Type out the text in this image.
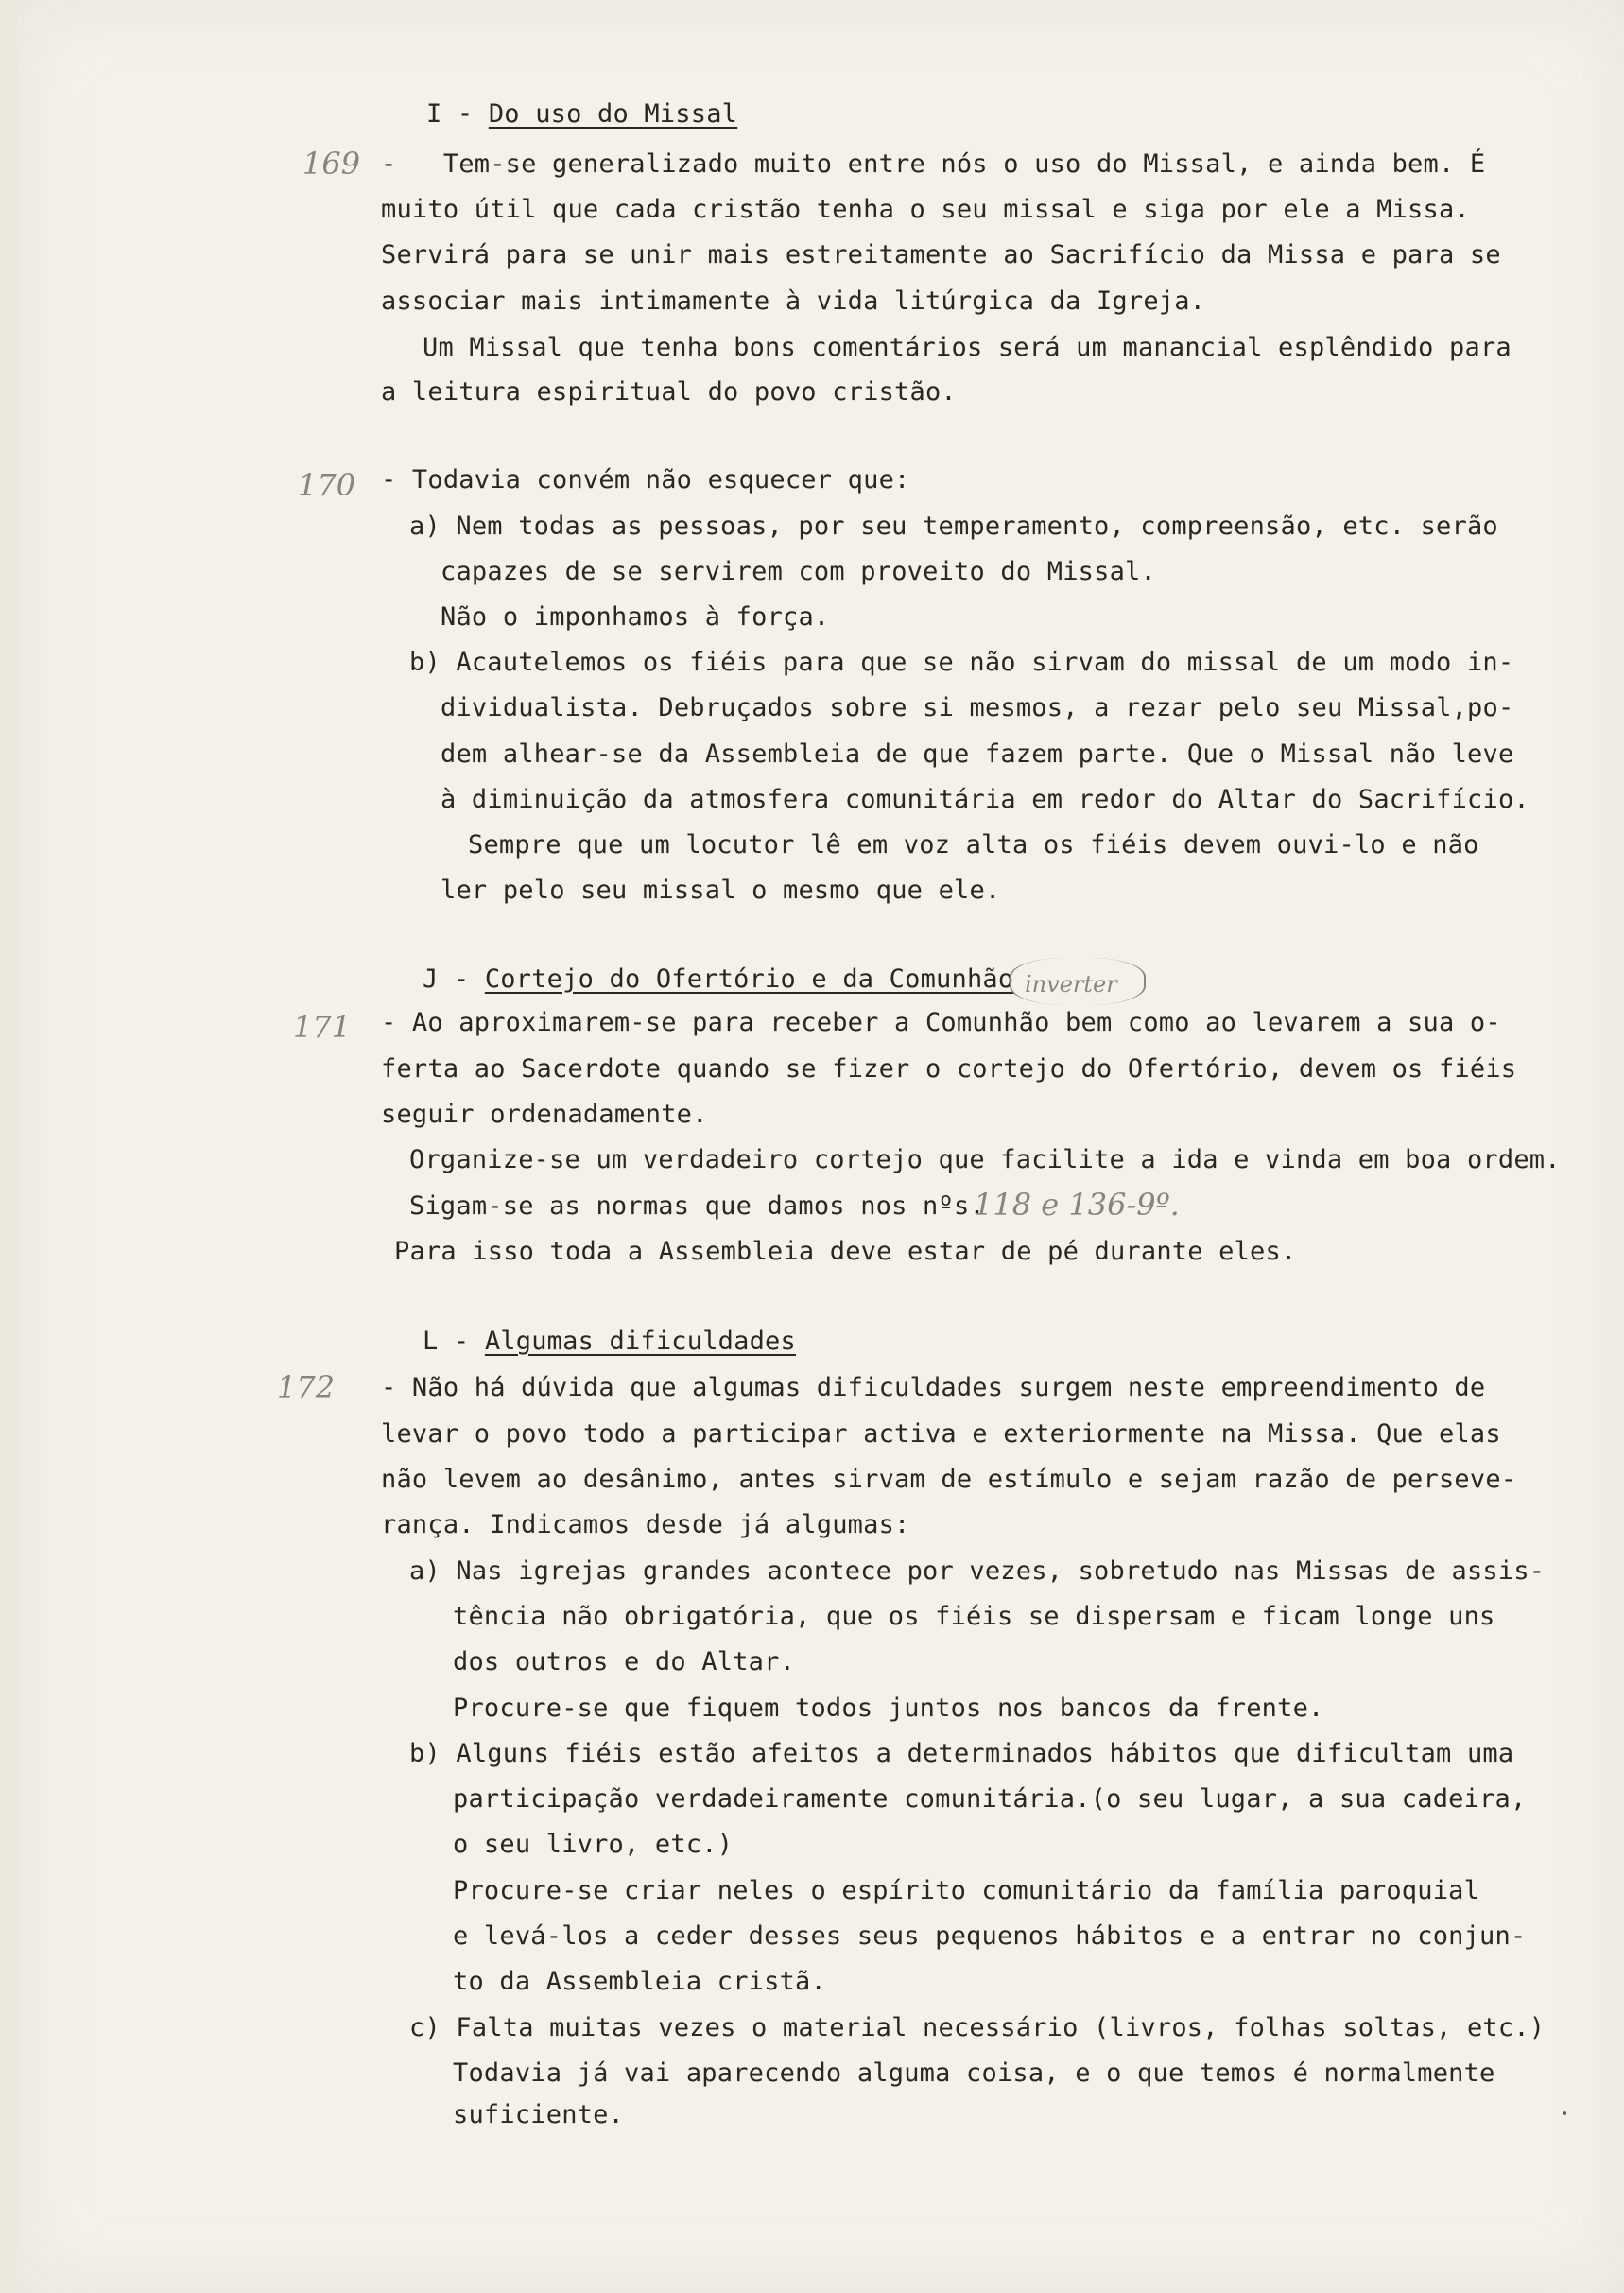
I - Do uso do Missal
169 -   Tem-se generalizado muito entre nós o uso do Missal, e ainda bem. É
muito útil que cada cristão tenha o seu missal e siga por ele a Missa.
Servirá para se unir mais estreitamente ao Sacrifício da Missa e para se
associar mais intimamente à vida litúrgica da Igreja.
Um Missal que tenha bons comentários será um manancial esplêndido para
a leitura espiritual do povo cristão.
170 - Todavia convém não esquecer que:
a) Nem todas as pessoas, por seu temperamento, compreensão, etc. serão
capazes de se servirem com proveito do Missal.
Não o imponhamos à força.
b) Acautelemos os fiéis para que se não sirvam do missal de um modo in-
dividualista. Debruçados sobre si mesmos, a rezar pelo seu Missal,po-
dem alhear-se da Assembleia de que fazem parte. Que o Missal não leve
à diminuição da atmosfera comunitária em redor do Altar do Sacrifício.
Sempre que um locutor lê em voz alta os fiéis devem ouvi-lo e não
ler pelo seu missal o mesmo que ele.
J - Cortejo do Ofertório e da Comunhão inverter
171 - Ao aproximarem-se para receber a Comunhão bem como ao levarem a sua o-
ferta ao Sacerdote quando se fizer o cortejo do Ofertório, devem os fiéis
seguir ordenadamente.
Organize-se um verdadeiro cortejo que facilite a ida e vinda em boa ordem.
Sigam-se as normas que damos nos nºs.
118 e 136-9º.
Para isso toda a Assembleia deve estar de pé durante eles.
L - Algumas dificuldades
172 - Não há dúvida que algumas dificuldades surgem neste empreendimento de
levar o povo todo a participar activa e exteriormente na Missa. Que elas
não levem ao desânimo, antes sirvam de estímulo e sejam razão de perseve-
rança. Indicamos desde já algumas:
a) Nas igrejas grandes acontece por vezes, sobretudo nas Missas de assis-
tência não obrigatória, que os fiéis se dispersam e ficam longe uns
dos outros e do Altar.
Procure-se que fiquem todos juntos nos bancos da frente.
b) Alguns fiéis estão afeitos a determinados hábitos que dificultam uma
participação verdadeiramente comunitária.(o seu lugar, a sua cadeira,
o seu livro, etc.)
Procure-se criar neles o espírito comunitário da família paroquial
e levá-los a ceder desses seus pequenos hábitos e a entrar no conjun-
to da Assembleia cristã.
c) Falta muitas vezes o material necessário (livros, folhas soltas, etc.)
Todavia já vai aparecendo alguma coisa, e o que temos é normalmente
suficiente.
